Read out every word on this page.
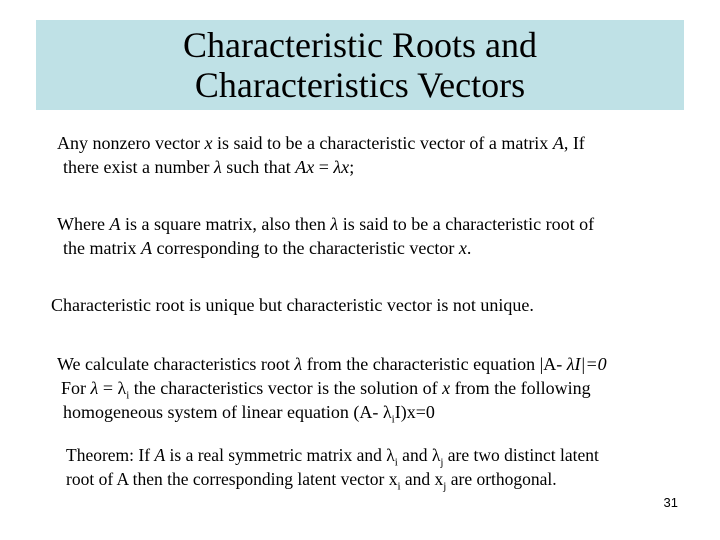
Characteristic Roots and
Characteristics Vectors
Any nonzero vector x is said to be a characteristic vector of a matrix A, If
there exist a number λ such that Ax = λx;
Where A is a square matrix, also then λ is said to be a characteristic root of
the matrix A corresponding to the characteristic vector x.
Characteristic root is unique but characteristic vector is not unique.
We calculate characteristics root λ from the characteristic equation |A- λI|=0
For $\lambda = \lambda_i$ the characteristics vector is the solution of x from the following
homogeneous system of linear equation (A- $\lambda_iI)x=0$
Theorem: If A is a real symmetric matrix and $\lambda_i$ and $\lambda_j$ are two distinct latent
root of A then the corresponding latent vector $x_i$ and $x_j$ are orthogonal.
31
